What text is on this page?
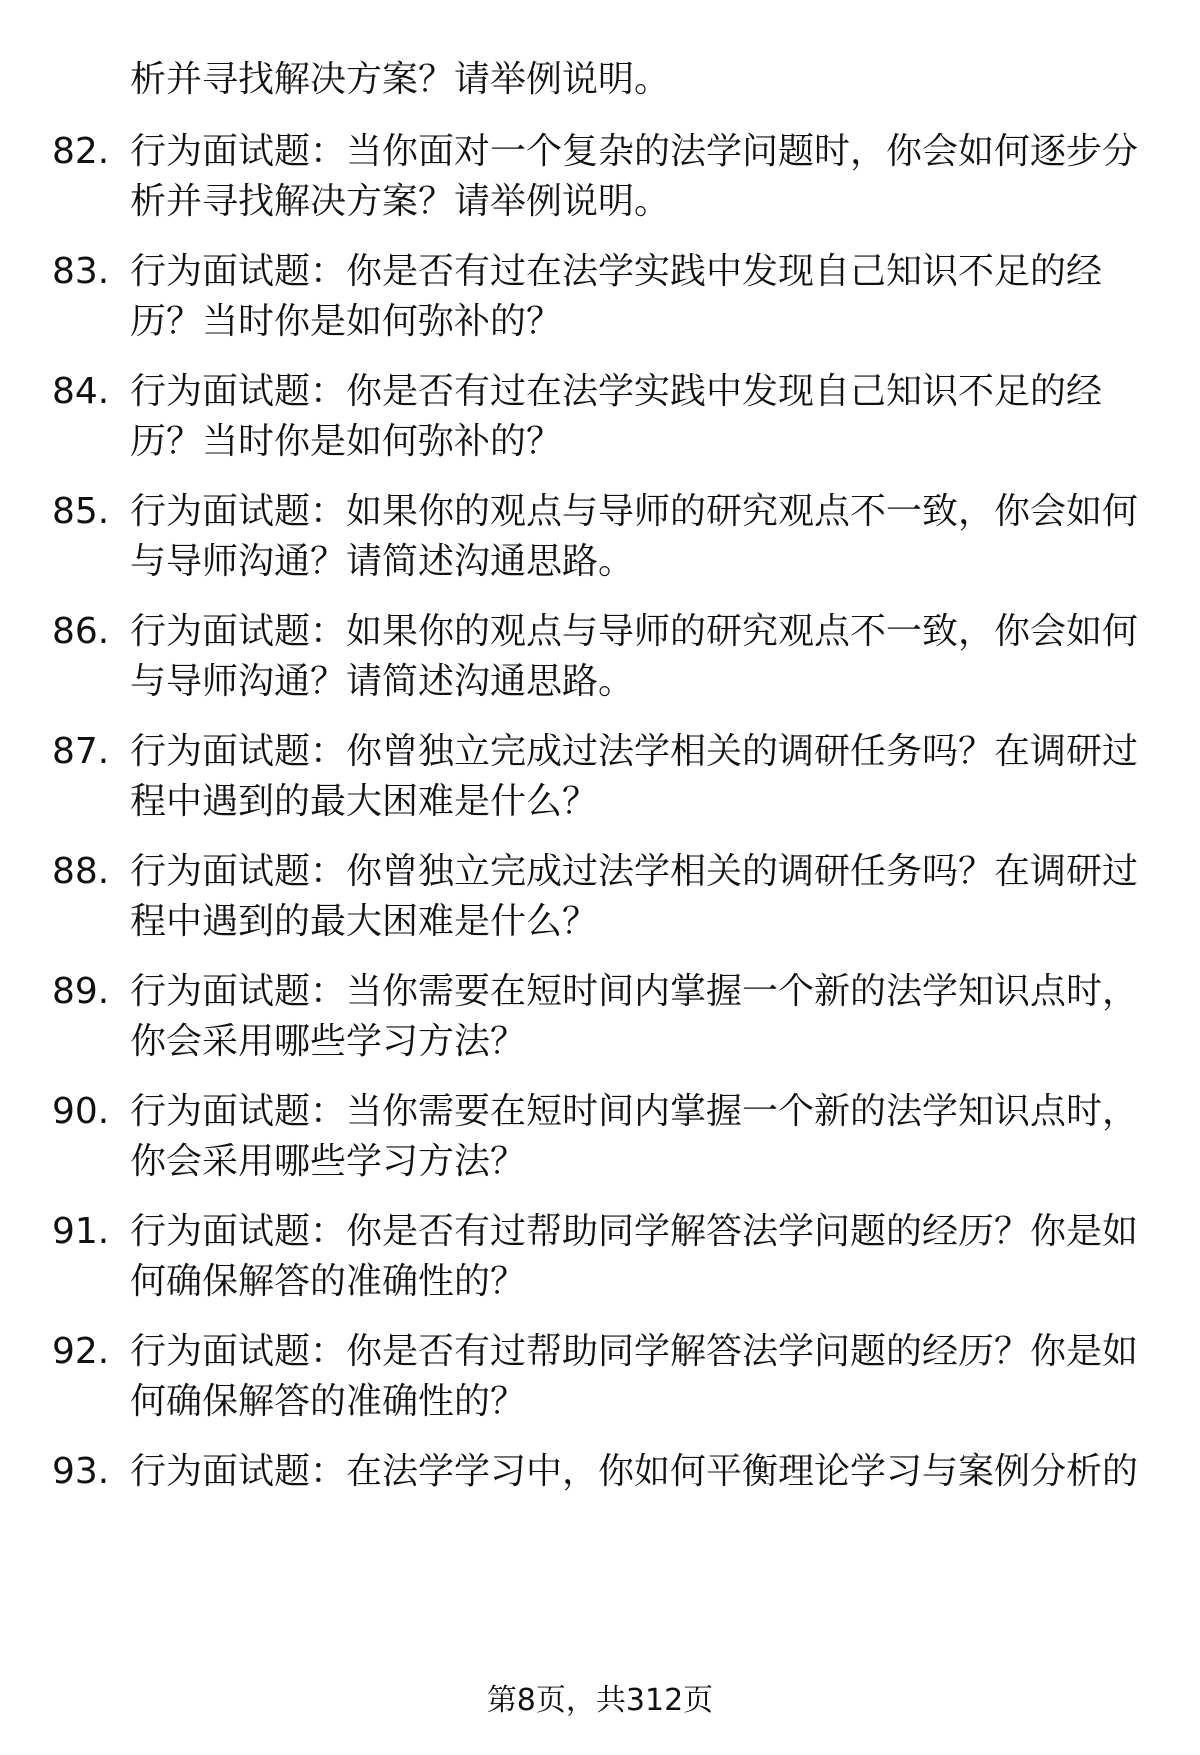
析并寻找解决方案？请举例说明。
82. 行为面试题：当你面对一个复杂的法学问题时，你会如何逐步分
析并寻找解决方案？请举例说明。
83. 行为面试题：你是否有过在法学实践中发现自己知识不足的经
历？当时你是如何弥补的？
84. 行为面试题：你是否有过在法学实践中发现自己知识不足的经
历？当时你是如何弥补的？
85. 行为面试题：如果你的观点与导师的研究观点不一致，你会如何
与导师沟通？请简述沟通思路。
86. 行为面试题：如果你的观点与导师的研究观点不一致，你会如何
与导师沟通？请简述沟通思路。
87. 行为面试题：你曾独立完成过法学相关的调研任务吗？在调研过
程中遇到的最大困难是什么？
88. 行为面试题：你曾独立完成过法学相关的调研任务吗？在调研过
程中遇到的最大困难是什么？
89. 行为面试题：当你需要在短时间内掌握一个新的法学知识点时，
你会采用哪些学习方法？
90. 行为面试题：当你需要在短时间内掌握一个新的法学知识点时，
你会采用哪些学习方法？
91. 行为面试题：你是否有过帮助同学解答法学问题的经历？你是如
何确保解答的准确性的？
92. 行为面试题：你是否有过帮助同学解答法学问题的经历？你是如
何确保解答的准确性的？
93. 行为面试题：在法学学习中，你如何平衡理论学习与案例分析的
第8页，共312页
